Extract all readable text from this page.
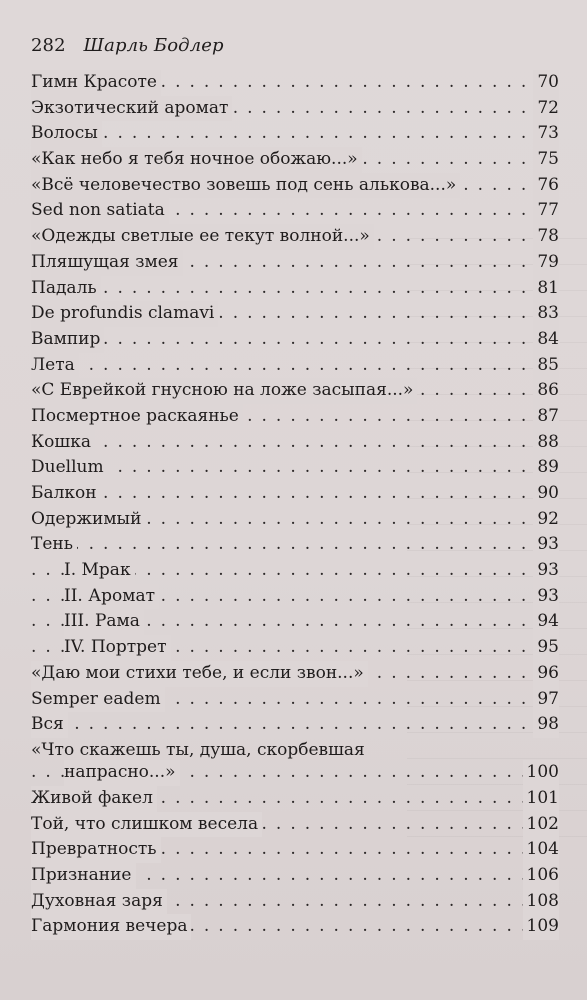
282 Шарль Бодлер
Гимн Красоте . . .	70
Экзотический аромат . . .	72
Волосы . . .	73
«Как небо я тебя ночное обожаю...» . . .	75
«Всё человечество зовешь под сень алькова...» . . .	76
Sed non satiata . . .	77
«Одежды светлые ее текут волной...» . . .	78
Пляшущая змея . . .	79
Падаль . . .	81
De profundis clamavi . . .	83
Вампир . . .	84
Лета . . .	85
«С Еврейкой гнусною на ложе засыпая...» . . .	86
Посмертное раскаянье . . .	87
Кошка . . .	88
Duellum . . .	89
Балкон . . .	90
Одержимый . . .	92
Тень . . .	93
I. Мрак . . .	93
II. Аромат . . .	93
III. Рама . . .	94
IV. Портрет . . .	95
«Даю мои стихи тебе, и если звон...» . . .	96
Semper eadem . . .	97
Вся . . .	98
«Что скажешь ты, душа, скорбевшая
напрасно...» . . .	100
Живой факел . . .	101
Той, что слишком весела . . .	102
Превратность . . .	104
Признание . . .	106
Духовная заря . . .	108
Гармония вечера . . .	109
